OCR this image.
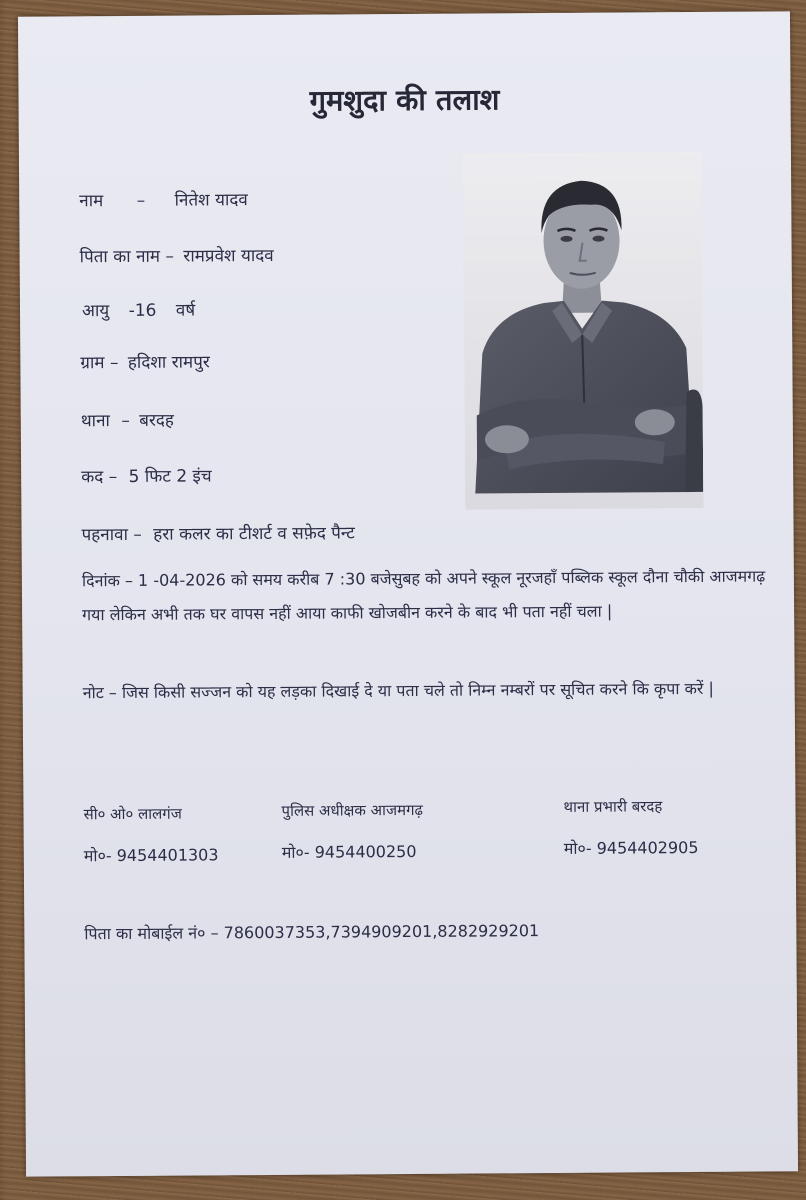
गुमशुदा की तलाश
नाम – नितेश यादव
पिता का नाम – रामप्रवेश यादव
आयु -16 वर्ष
ग्राम – हदिशा रामपुर
थाना – बरदह
कद – 5 फिट 2 इंच
पहनावा – हरा कलर का टीशर्ट व सफ़ेद पैन्ट
दिनांक – 1 -04-2026 को समय करीब 7 :30 बजेसुबह को अपने स्कूल नूरजहाँ पब्लिक स्कूल दौना चौकी आजमगढ़ गया लेकिन अभी तक घर वापस नहीं आया काफी खोजबीन करने के बाद भी पता नहीं चला |
नोट – जिस किसी सज्जन को यह लड़का दिखाई दे या पता चले तो निम्न नम्बरों पर सूचित करने कि कृपा करें |
सी० ओ० लालगंज	पुलिस अधीक्षक आजमगढ़	थाना प्रभारी बरदह
मो०- 9454401303	मो०- 9454400250	मो०- 9454402905
पिता का मोबाईल नं० – 7860037353,7394909201,8282929201
